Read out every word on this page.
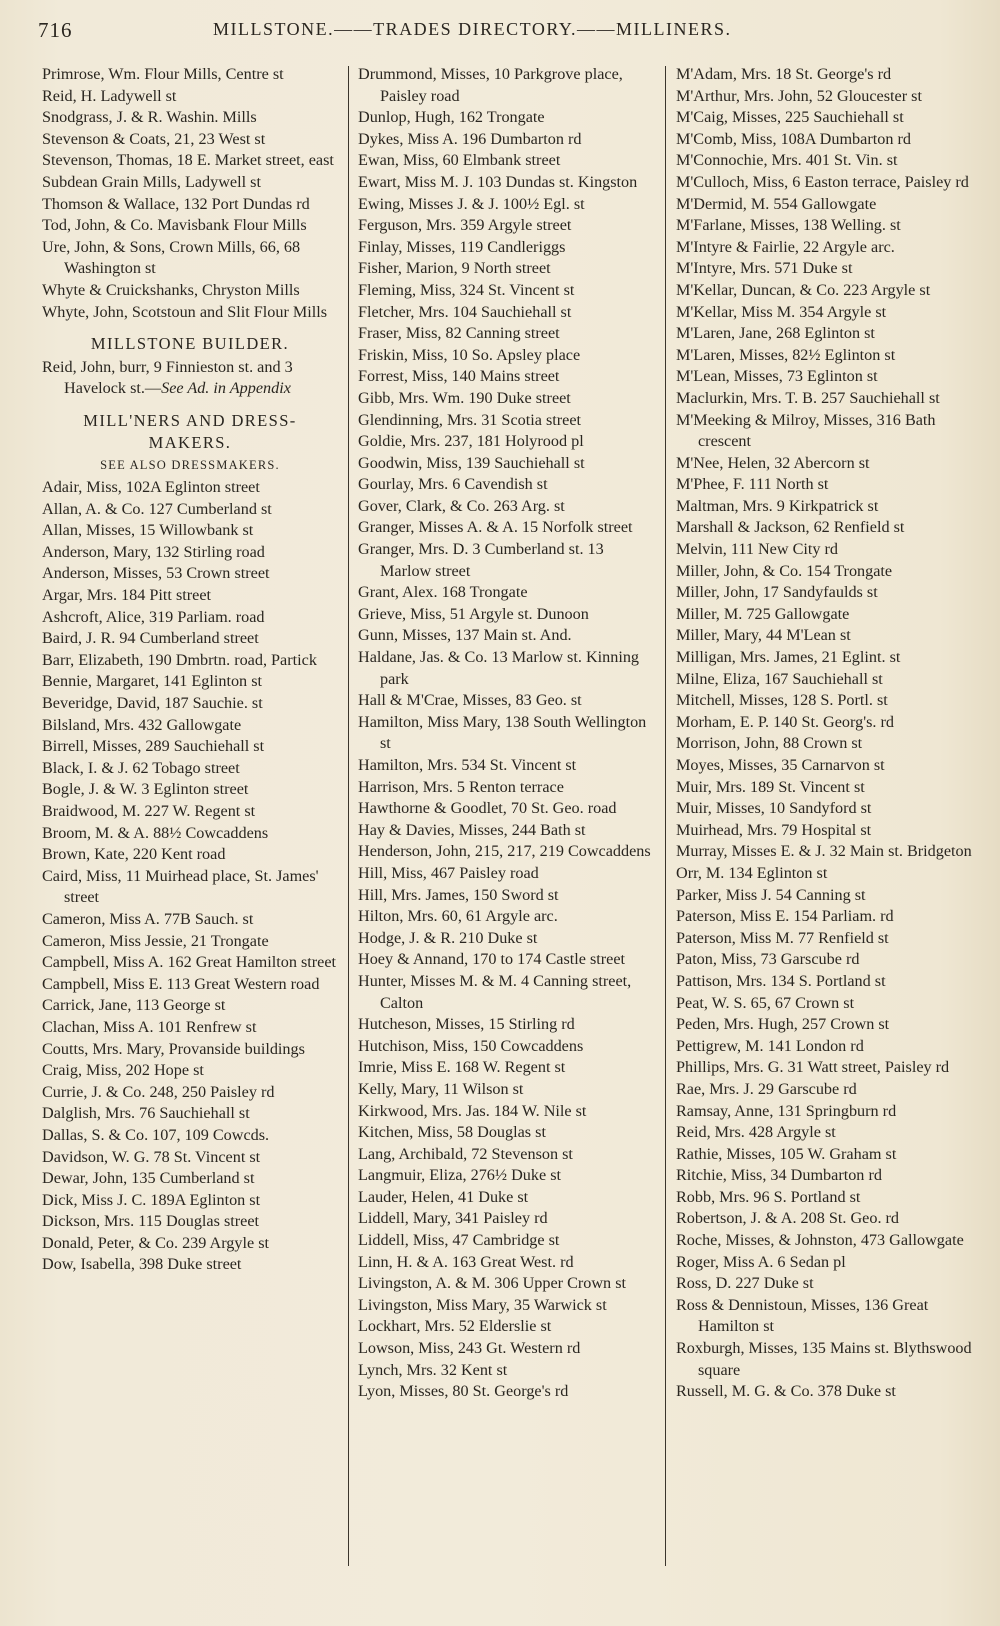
716	MILLSTONE.——TRADES DIRECTORY.——MILLINERS.
Primrose, Wm. Flour Mills, Centre st
Reid, H. Ladywell st
Snodgrass, J. & R. Washin. Mills
Stevenson & Coats, 21, 23 West st
Stevenson, Thomas, 18 E. Market street, east
Subdean Grain Mills, Ladywell st
Thomson & Wallace, 132 Port Dundas rd
Tod, John, & Co. Mavisbank Flour Mills
Ure, John, & Sons, Crown Mills, 66, 68 Washington st
Whyte & Cruickshanks, Chryston Mills
Whyte, John, Scotstoun and Slit Flour Mills
MILLSTONE BUILDER.
Reid, John, burr, 9 Finnieston st. and 3 Havelock st.—See Ad. in Appendix
MILL'NERS AND DRESS-MAKERS.
SEE ALSO DRESSMAKERS.
Adair, Miss, 102A Eglinton street
Allan, A. & Co. 127 Cumberland st
Allan, Misses, 15 Willowbank st
Anderson, Mary, 132 Stirling road
Anderson, Misses, 53 Crown street
Argar, Mrs. 184 Pitt street
Ashcroft, Alice, 319 Parliam. road
Baird, J. R. 94 Cumberland street
Barr, Elizabeth, 190 Dmbrtn. road, Partick
Bennie, Margaret, 141 Eglinton st
Beveridge, David, 187 Sauchie. st
Bilsland, Mrs. 432 Gallowgate
Birrell, Misses, 289 Sauchiehall st
Black, I. & J. 62 Tobago street
Bogle, J. & W. 3 Eglinton street
Braidwood, M. 227 W. Regent st
Broom, M. & A. 88½ Cowcaddens
Brown, Kate, 220 Kent road
Caird, Miss, 11 Muirhead place, St. James' street
Cameron, Miss A. 77B Sauch. st
Cameron, Miss Jessie, 21 Trongate
Campbell, Miss A. 162 Great Hamilton street
Campbell, Miss E. 113 Great Western road
Carrick, Jane, 113 George st
Clachan, Miss A. 101 Renfrew st
Coutts, Mrs. Mary, Provanside buildings
Craig, Miss, 202 Hope st
Currie, J. & Co. 248, 250 Paisley rd
Dalglish, Mrs. 76 Sauchiehall st
Dallas, S. & Co. 107, 109 Cowcds.
Davidson, W. G. 78 St. Vincent st
Dewar, John, 135 Cumberland st
Dick, Miss J. C. 189A Eglinton st
Dickson, Mrs. 115 Douglas street
Donald, Peter, & Co. 239 Argyle st
Dow, Isabella, 398 Duke street
Drummond, Misses, 10 Parkgrove place, Paisley road
Dunlop, Hugh, 162 Trongate
Dykes, Miss A. 196 Dumbarton rd
Ewan, Miss, 60 Elmbank street
Ewart, Miss M. J. 103 Dundas st. Kingston
Ewing, Misses J. & J. 100½ Egl. st
Ferguson, Mrs. 359 Argyle street
Finlay, Misses, 119 Candleriggs
Fisher, Marion, 9 North street
Fleming, Miss, 324 St. Vincent st
Fletcher, Mrs. 104 Sauchiehall st
Fraser, Miss, 82 Canning street
Friskin, Miss, 10 So. Apsley place
Forrest, Miss, 140 Mains street
Gibb, Mrs. Wm. 190 Duke street
Glendinning, Mrs. 31 Scotia street
Goldie, Mrs. 237, 181 Holyrood pl
Goodwin, Miss, 139 Sauchiehall st
Gourlay, Mrs. 6 Cavendish st
Gover, Clark, & Co. 263 Arg. st
Granger, Misses A. & A. 15 Norfolk street
Granger, Mrs. D. 3 Cumberland st. 13 Marlow street
Grant, Alex. 168 Trongate
Grieve, Miss, 51 Argyle st. Dunoon
Gunn, Misses, 137 Main st. And.
Haldane, Jas. & Co. 13 Marlow st. Kinning park
Hall & M'Crae, Misses, 83 Geo. st
Hamilton, Miss Mary, 138 South Wellington st
Hamilton, Mrs. 534 St. Vincent st
Harrison, Mrs. 5 Renton terrace
Hawthorne & Goodlet, 70 St. Geo. road
Hay & Davies, Misses, 244 Bath st
Henderson, John, 215, 217, 219 Cowcaddens
Hill, Miss, 467 Paisley road
Hill, Mrs. James, 150 Sword st
Hilton, Mrs. 60, 61 Argyle arc.
Hodge, J. & R. 210 Duke st
Hoey & Annand, 170 to 174 Castle street
Hunter, Misses M. & M. 4 Canning street, Calton
Hutcheson, Misses, 15 Stirling rd
Hutchison, Miss, 150 Cowcaddens
Imrie, Miss E. 168 W. Regent st
Kelly, Mary, 11 Wilson st
Kirkwood, Mrs. Jas. 184 W. Nile st
Kitchen, Miss, 58 Douglas st
Lang, Archibald, 72 Stevenson st
Langmuir, Eliza, 276½ Duke st
Lauder, Helen, 41 Duke st
Liddell, Mary, 341 Paisley rd
Liddell, Miss, 47 Cambridge st
Linn, H. & A. 163 Great West. rd
Livingston, A. & M. 306 Upper Crown st
Livingston, Miss Mary, 35 Warwick st
Lockhart, Mrs. 52 Elderslie st
Lowson, Miss, 243 Gt. Western rd
Lynch, Mrs. 32 Kent st
Lyon, Misses, 80 St. George's rd
M'Adam, Mrs. 18 St. George's rd
M'Arthur, Mrs. John, 52 Gloucester st
M'Caig, Misses, 225 Sauchiehall st
M'Comb, Miss, 108A Dumbarton rd
M'Connochie, Mrs. 401 St. Vin. st
M'Culloch, Miss, 6 Easton terrace, Paisley rd
M'Dermid, M. 554 Gallowgate
M'Farlane, Misses, 138 Welling. st
M'Intyre & Fairlie, 22 Argyle arc.
M'Intyre, Mrs. 571 Duke st
M'Kellar, Duncan, & Co. 223 Argyle st
M'Kellar, Miss M. 354 Argyle st
M'Laren, Jane, 268 Eglinton st
M'Laren, Misses, 82½ Eglinton st
M'Lean, Misses, 73 Eglinton st
Maclurkin, Mrs. T. B. 257 Sauchiehall st
M'Meeking & Milroy, Misses, 316 Bath crescent
M'Nee, Helen, 32 Abercorn st
M'Phee, F. 111 North st
Maltman, Mrs. 9 Kirkpatrick st
Marshall & Jackson, 62 Renfield st
Melvin, 111 New City rd
Miller, John, & Co. 154 Trongate
Miller, John, 17 Sandyfaulds st
Miller, M. 725 Gallowgate
Miller, Mary, 44 M'Lean st
Milligan, Mrs. James, 21 Eglint. st
Milne, Eliza, 167 Sauchiehall st
Mitchell, Misses, 128 S. Portl. st
Morham, E. P. 140 St. Georg's. rd
Morrison, John, 88 Crown st
Moyes, Misses, 35 Carnarvon st
Muir, Mrs. 189 St. Vincent st
Muir, Misses, 10 Sandyford st
Muirhead, Mrs. 79 Hospital st
Murray, Misses E. & J. 32 Main st. Bridgeton
Orr, M. 134 Eglinton st
Parker, Miss J. 54 Canning st
Paterson, Miss E. 154 Parliam. rd
Paterson, Miss M. 77 Renfield st
Paton, Miss, 73 Garscube rd
Pattison, Mrs. 134 S. Portland st
Peat, W. S. 65, 67 Crown st
Peden, Mrs. Hugh, 257 Crown st
Pettigrew, M. 141 London rd
Phillips, Mrs. G. 31 Watt street, Paisley rd
Rae, Mrs. J. 29 Garscube rd
Ramsay, Anne, 131 Springburn rd
Reid, Mrs. 428 Argyle st
Rathie, Misses, 105 W. Graham st
Ritchie, Miss, 34 Dumbarton rd
Robb, Mrs. 96 S. Portland st
Robertson, J. & A. 208 St. Geo. rd
Roche, Misses, & Johnston, 473 Gallowgate
Roger, Miss A. 6 Sedan pl
Ross, D. 227 Duke st
Ross & Dennistoun, Misses, 136 Great Hamilton st
Roxburgh, Misses, 135 Mains st. Blythswood square
Russell, M. G. & Co. 378 Duke st
